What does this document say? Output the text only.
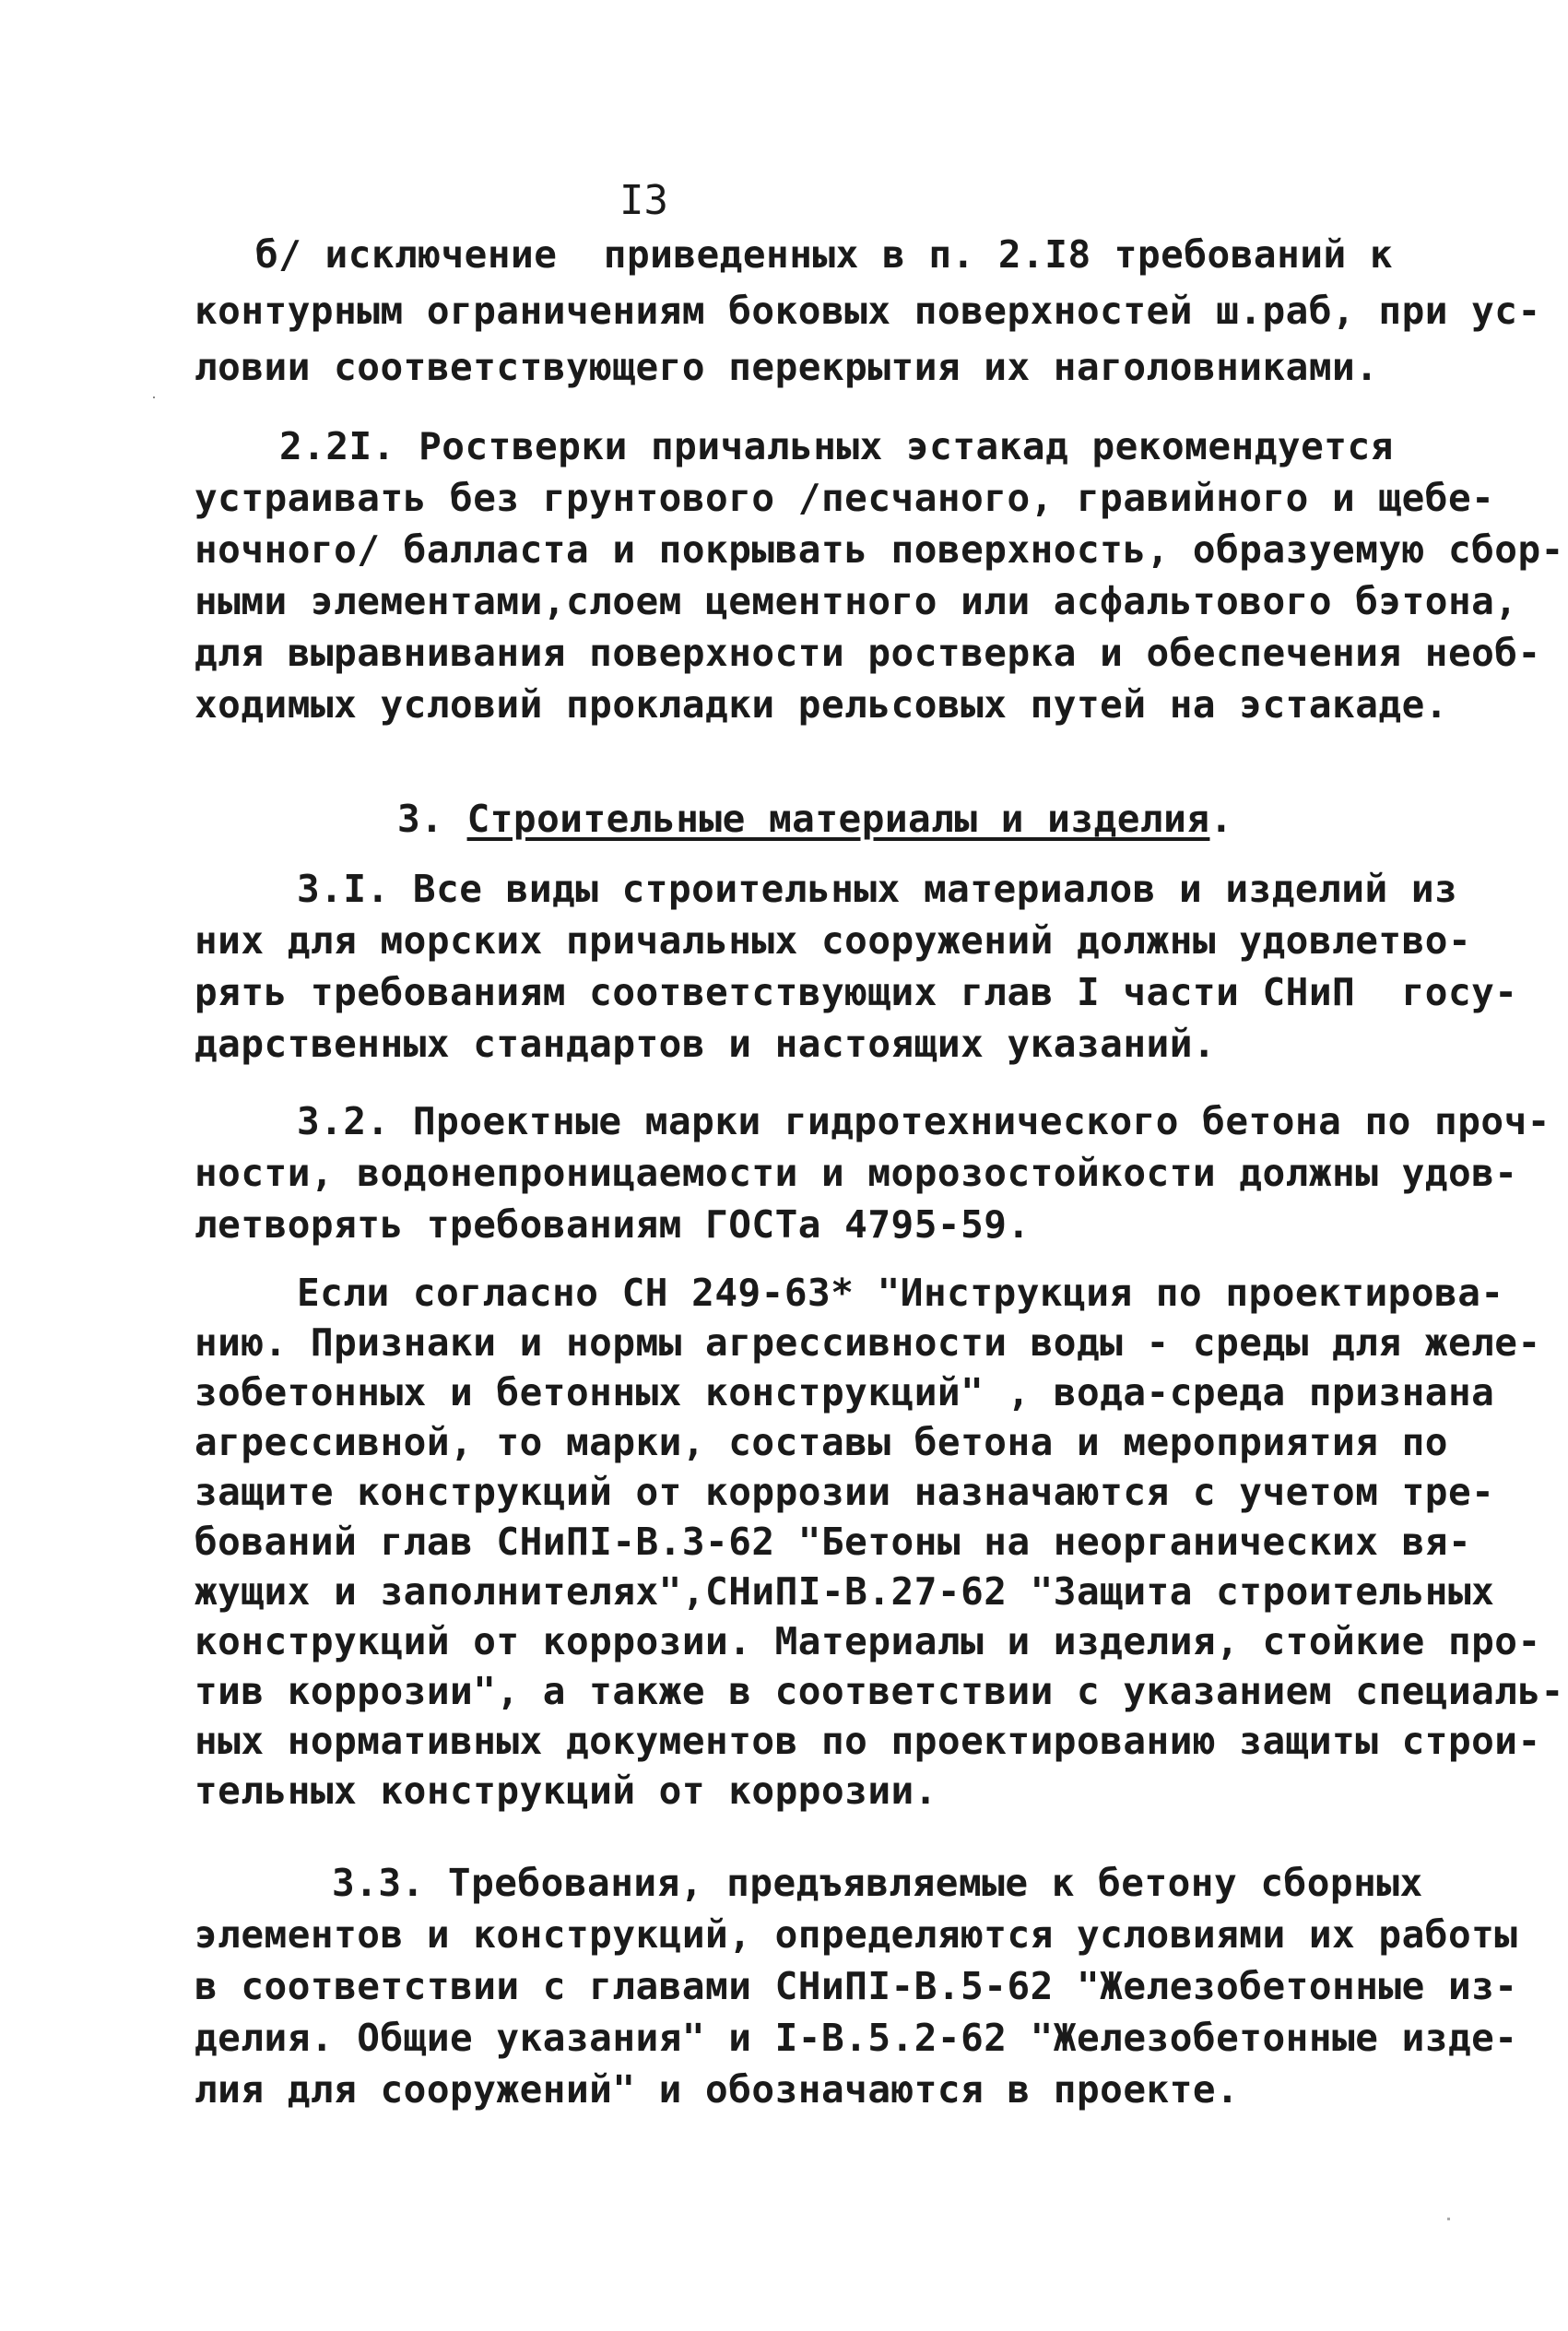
I3
б/ исключение  приведенных в п. 2.I8 требований к
контурным ограничениям боковых поверхностей ш.раб, при ус-
ловии соответствующего перекрытия их наголовниками.
2.2I. Ростверки причальных эстакад рекомендуется
устраивать без грунтового /песчаного, гравийного и щебе-
ночного/ балласта и покрывать поверхность, образуемую сбор-
ными элементами,слоем цементного или асфальтового бэтона,
для выравнивания поверхности ростверка и обеспечения необ-
ходимых условий прокладки рельсовых путей на эстакаде.
3. Строительные материалы и изделия.
3.I. Все виды строительных материалов и изделий из
них для морских причальных сооружений должны удовлетво-
рять требованиям соответствующих глав I части СНиП  госу-
дарственных стандартов и настоящих указаний.
3.2. Проектные марки гидротехнического бетона по проч-
ности, водонепроницаемости и морозостойкости должны удов-
летворять требованиям ГОСТа 4795-59.
Если согласно СН 249-63* "Инструкция по проектирова-
нию. Признаки и нормы агрессивности воды - среды для желе-
зобетонных и бетонных конструкций" , вода-среда признана
агрессивной, то марки, составы бетона и мероприятия по
защите конструкций от коррозии назначаются с учетом тре-
бований глав СНиПI-В.3-62 "Бетоны на неорганических вя-
жущих и заполнителях",СНиПI-В.27-62 "Защита строительных
конструкций от коррозии. Материалы и изделия, стойкие про-
тив коррозии", а также в соответствии с указанием специаль-
ных нормативных документов по проектированию защиты строи-
тельных конструкций от коррозии.
3.3. Требования, предъявляемые к бетону сборных
элементов и конструкций, определяются условиями их работы
в соответствии с главами СНиПI-В.5-62 "Железобетонные из-
делия. Общие указания" и I-В.5.2-62 "Железобетонные изде-
лия для сооружений" и обозначаются в проекте.
